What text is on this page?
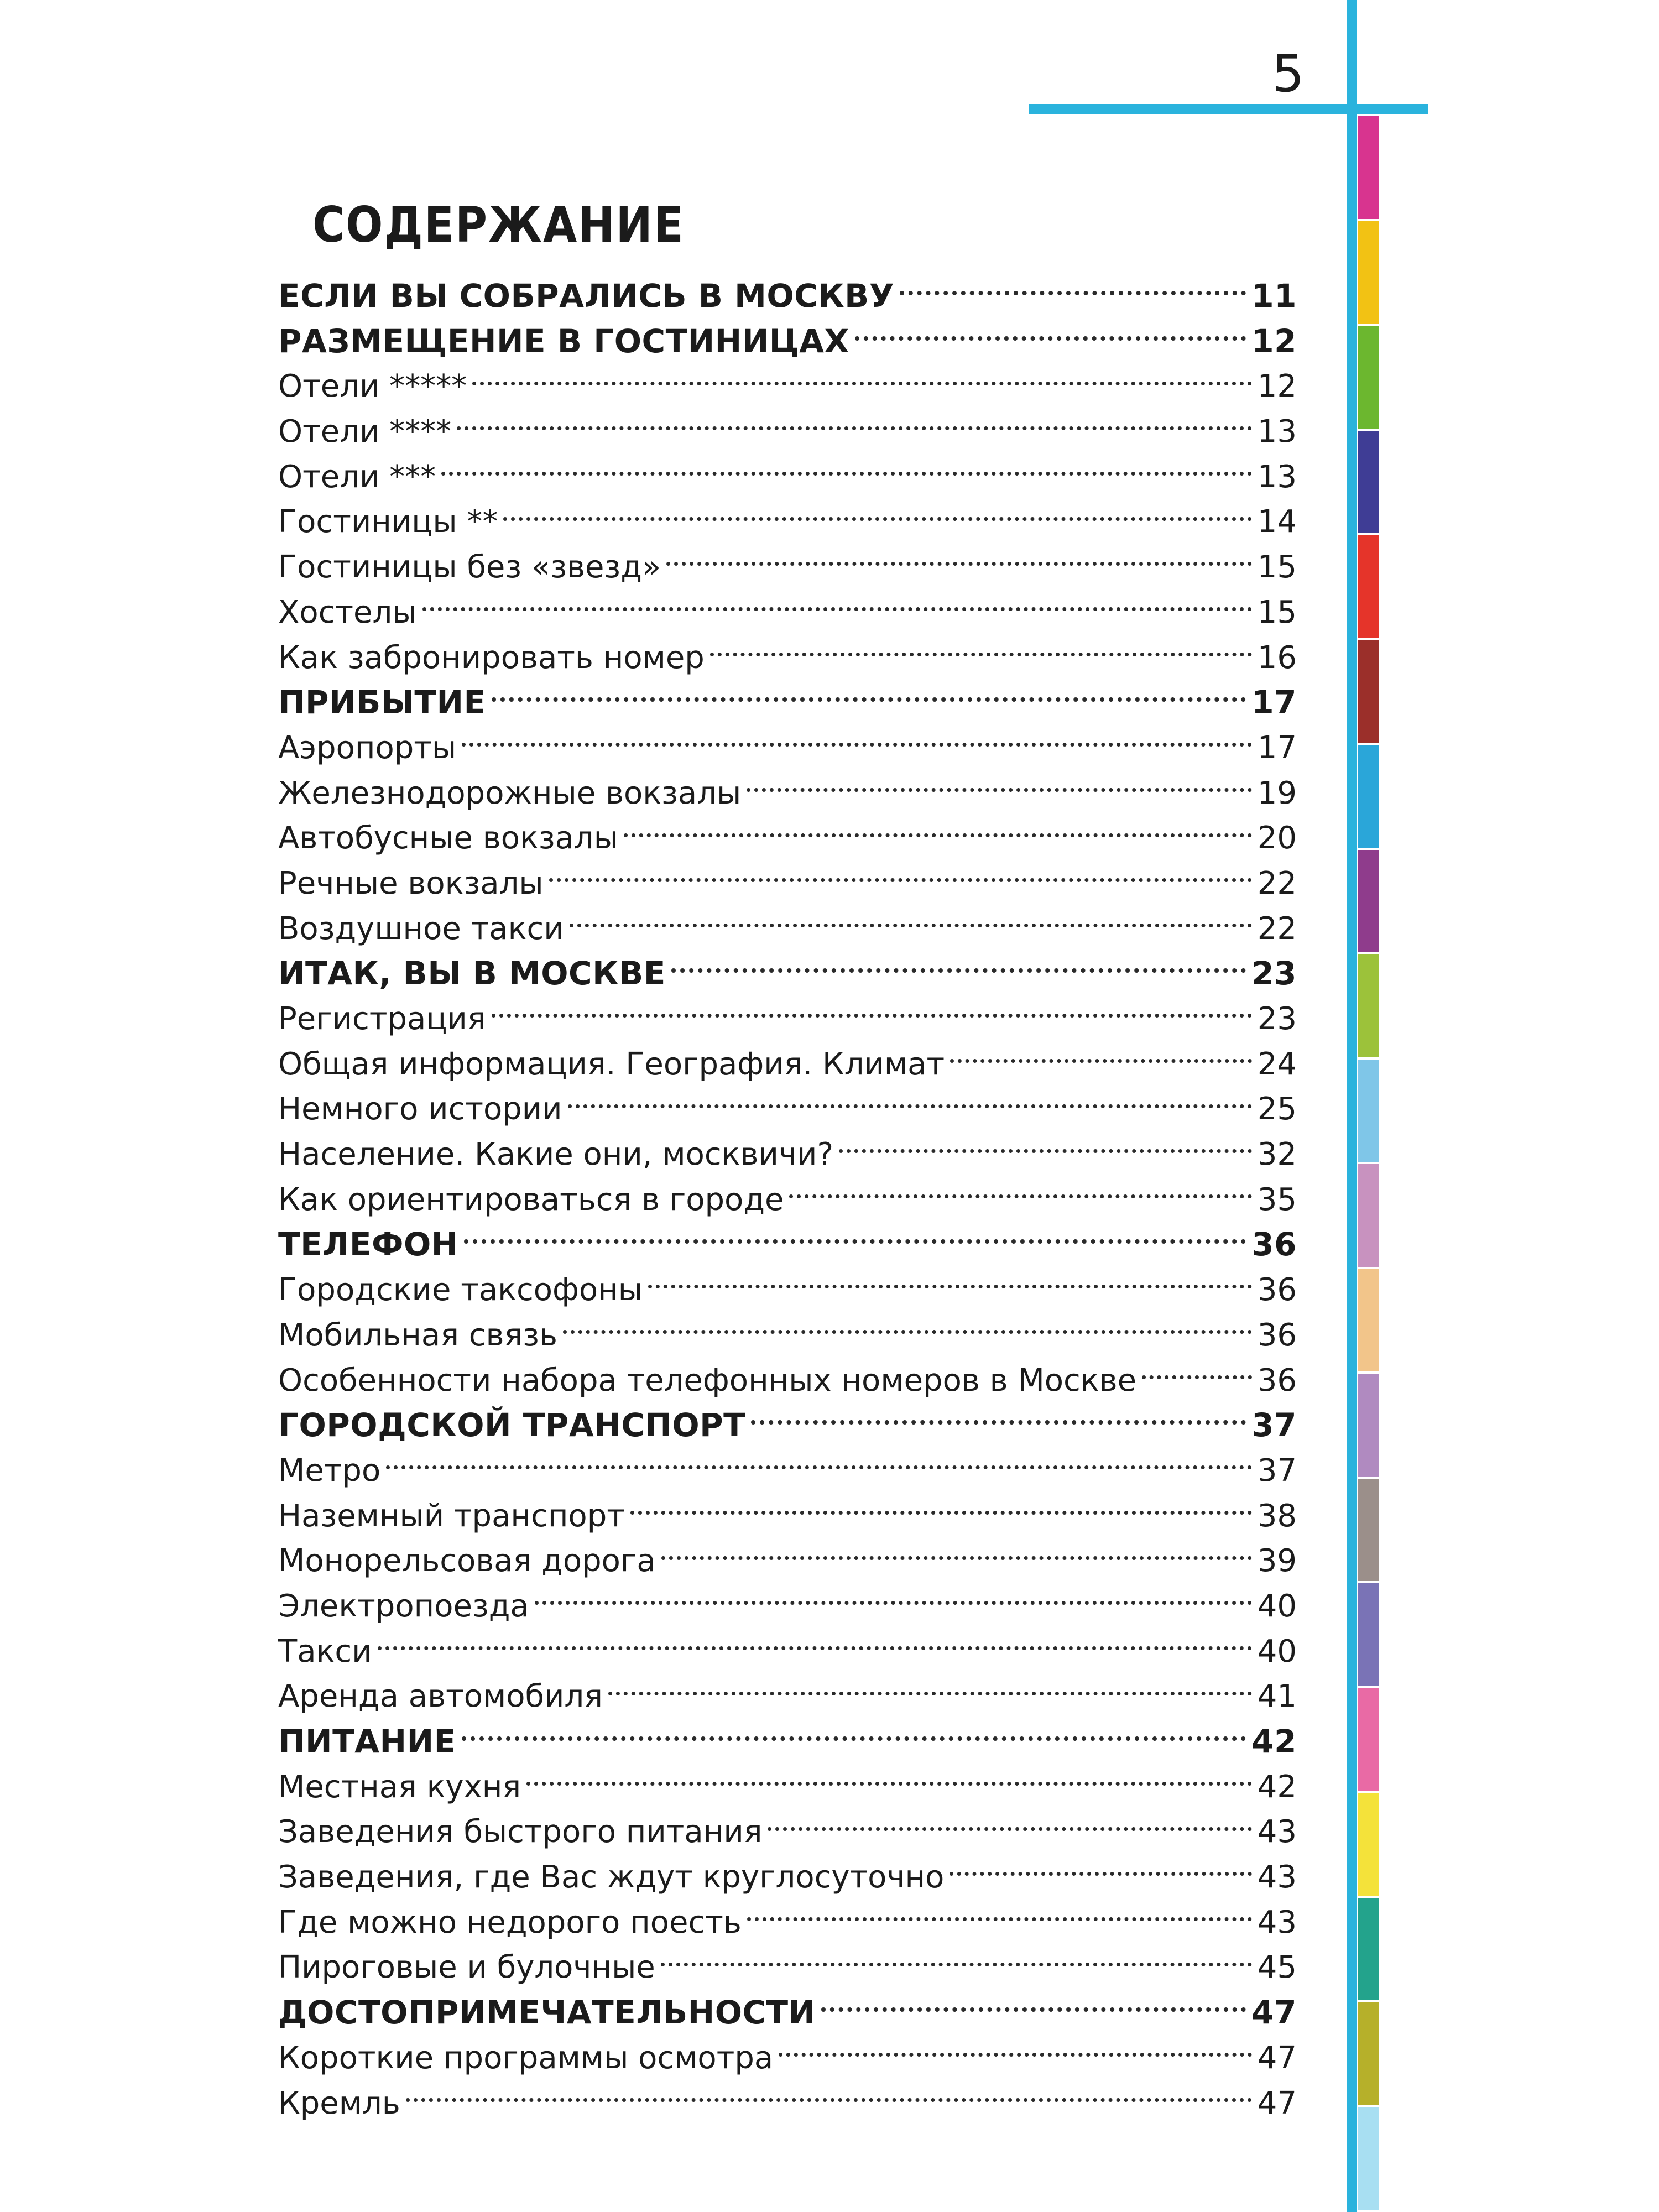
5
СОДЕРЖАНИЕ
ЕСЛИ ВЫ СОБРАЛИСЬ В МОСКВУ	11
РАЗМЕЩЕНИЕ В ГОСТИНИЦАХ	12
Отели *****	12
Отели ****	13
Отели ***	13
Гостиницы **	14
Гостиницы без «звезд»	15
Хостелы	15
Как забронировать номер	16
ПРИБЫТИЕ	17
Аэропорты	17
Железнодорожные вокзалы	19
Автобусные вокзалы	20
Речные вокзалы	22
Воздушное такси	22
ИТАК, ВЫ В МОСКВЕ	23
Регистрация	23
Общая информация. География. Климат	24
Немного истории	25
Население. Какие они, москвичи?	32
Как ориентироваться в городе	35
ТЕЛЕФОН	36
Городские таксофоны	36
Мобильная связь	36
Особенности набора телефонных номеров в Москве	36
ГОРОДСКОЙ ТРАНСПОРТ	37
Метро	37
Наземный транспорт	38
Монорельсовая дорога	39
Электропоезда	40
Такси	40
Аренда автомобиля	41
ПИТАНИЕ	42
Местная кухня	42
Заведения быстрого питания	43
Заведения, где Вас ждут круглосуточно	43
Где можно недорого поесть	43
Пироговые и булочные	45
ДОСТОПРИМЕЧАТЕЛЬНОСТИ	47
Короткие программы осмотра	47
Кремль	47
